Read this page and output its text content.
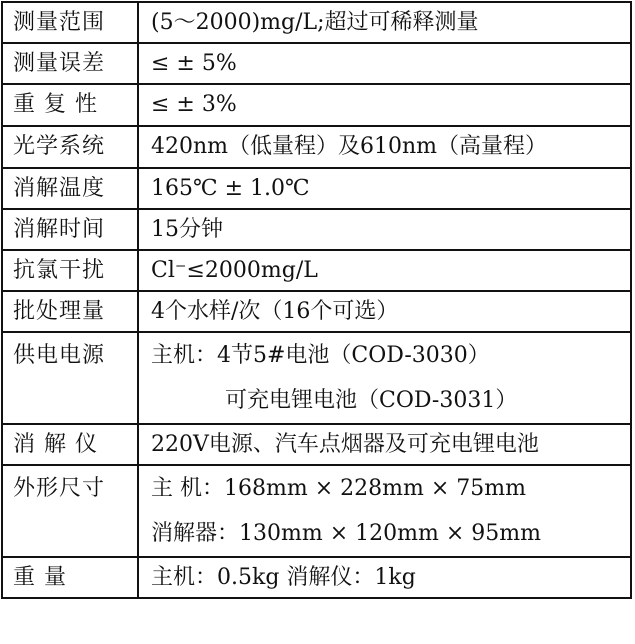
测量范围	(5～2000)mg/L;超过可稀释测量
测量误差	≤ ± 5%
重 复 性	≤ ± 3%
光学系统	420nm（低量程）及610nm（高量程）
消解温度	165℃ ± 1.0℃
消解时间	15分钟
抗氯干扰	Cl⁻≤2000mg/L
批处理量	4个水样/次（16个可选）
供电电源	主机：4节5#电池（COD-3030）
可充电锂电池（COD-3031）

消 解 仪	220V电源、汽车点烟器及可充电锂电池
外形尺寸	主 机：168mm × 228mm × 75mm
消解器：130mm × 120mm × 95mm

重 量	主机：0.5kg 消解仪：1kg
